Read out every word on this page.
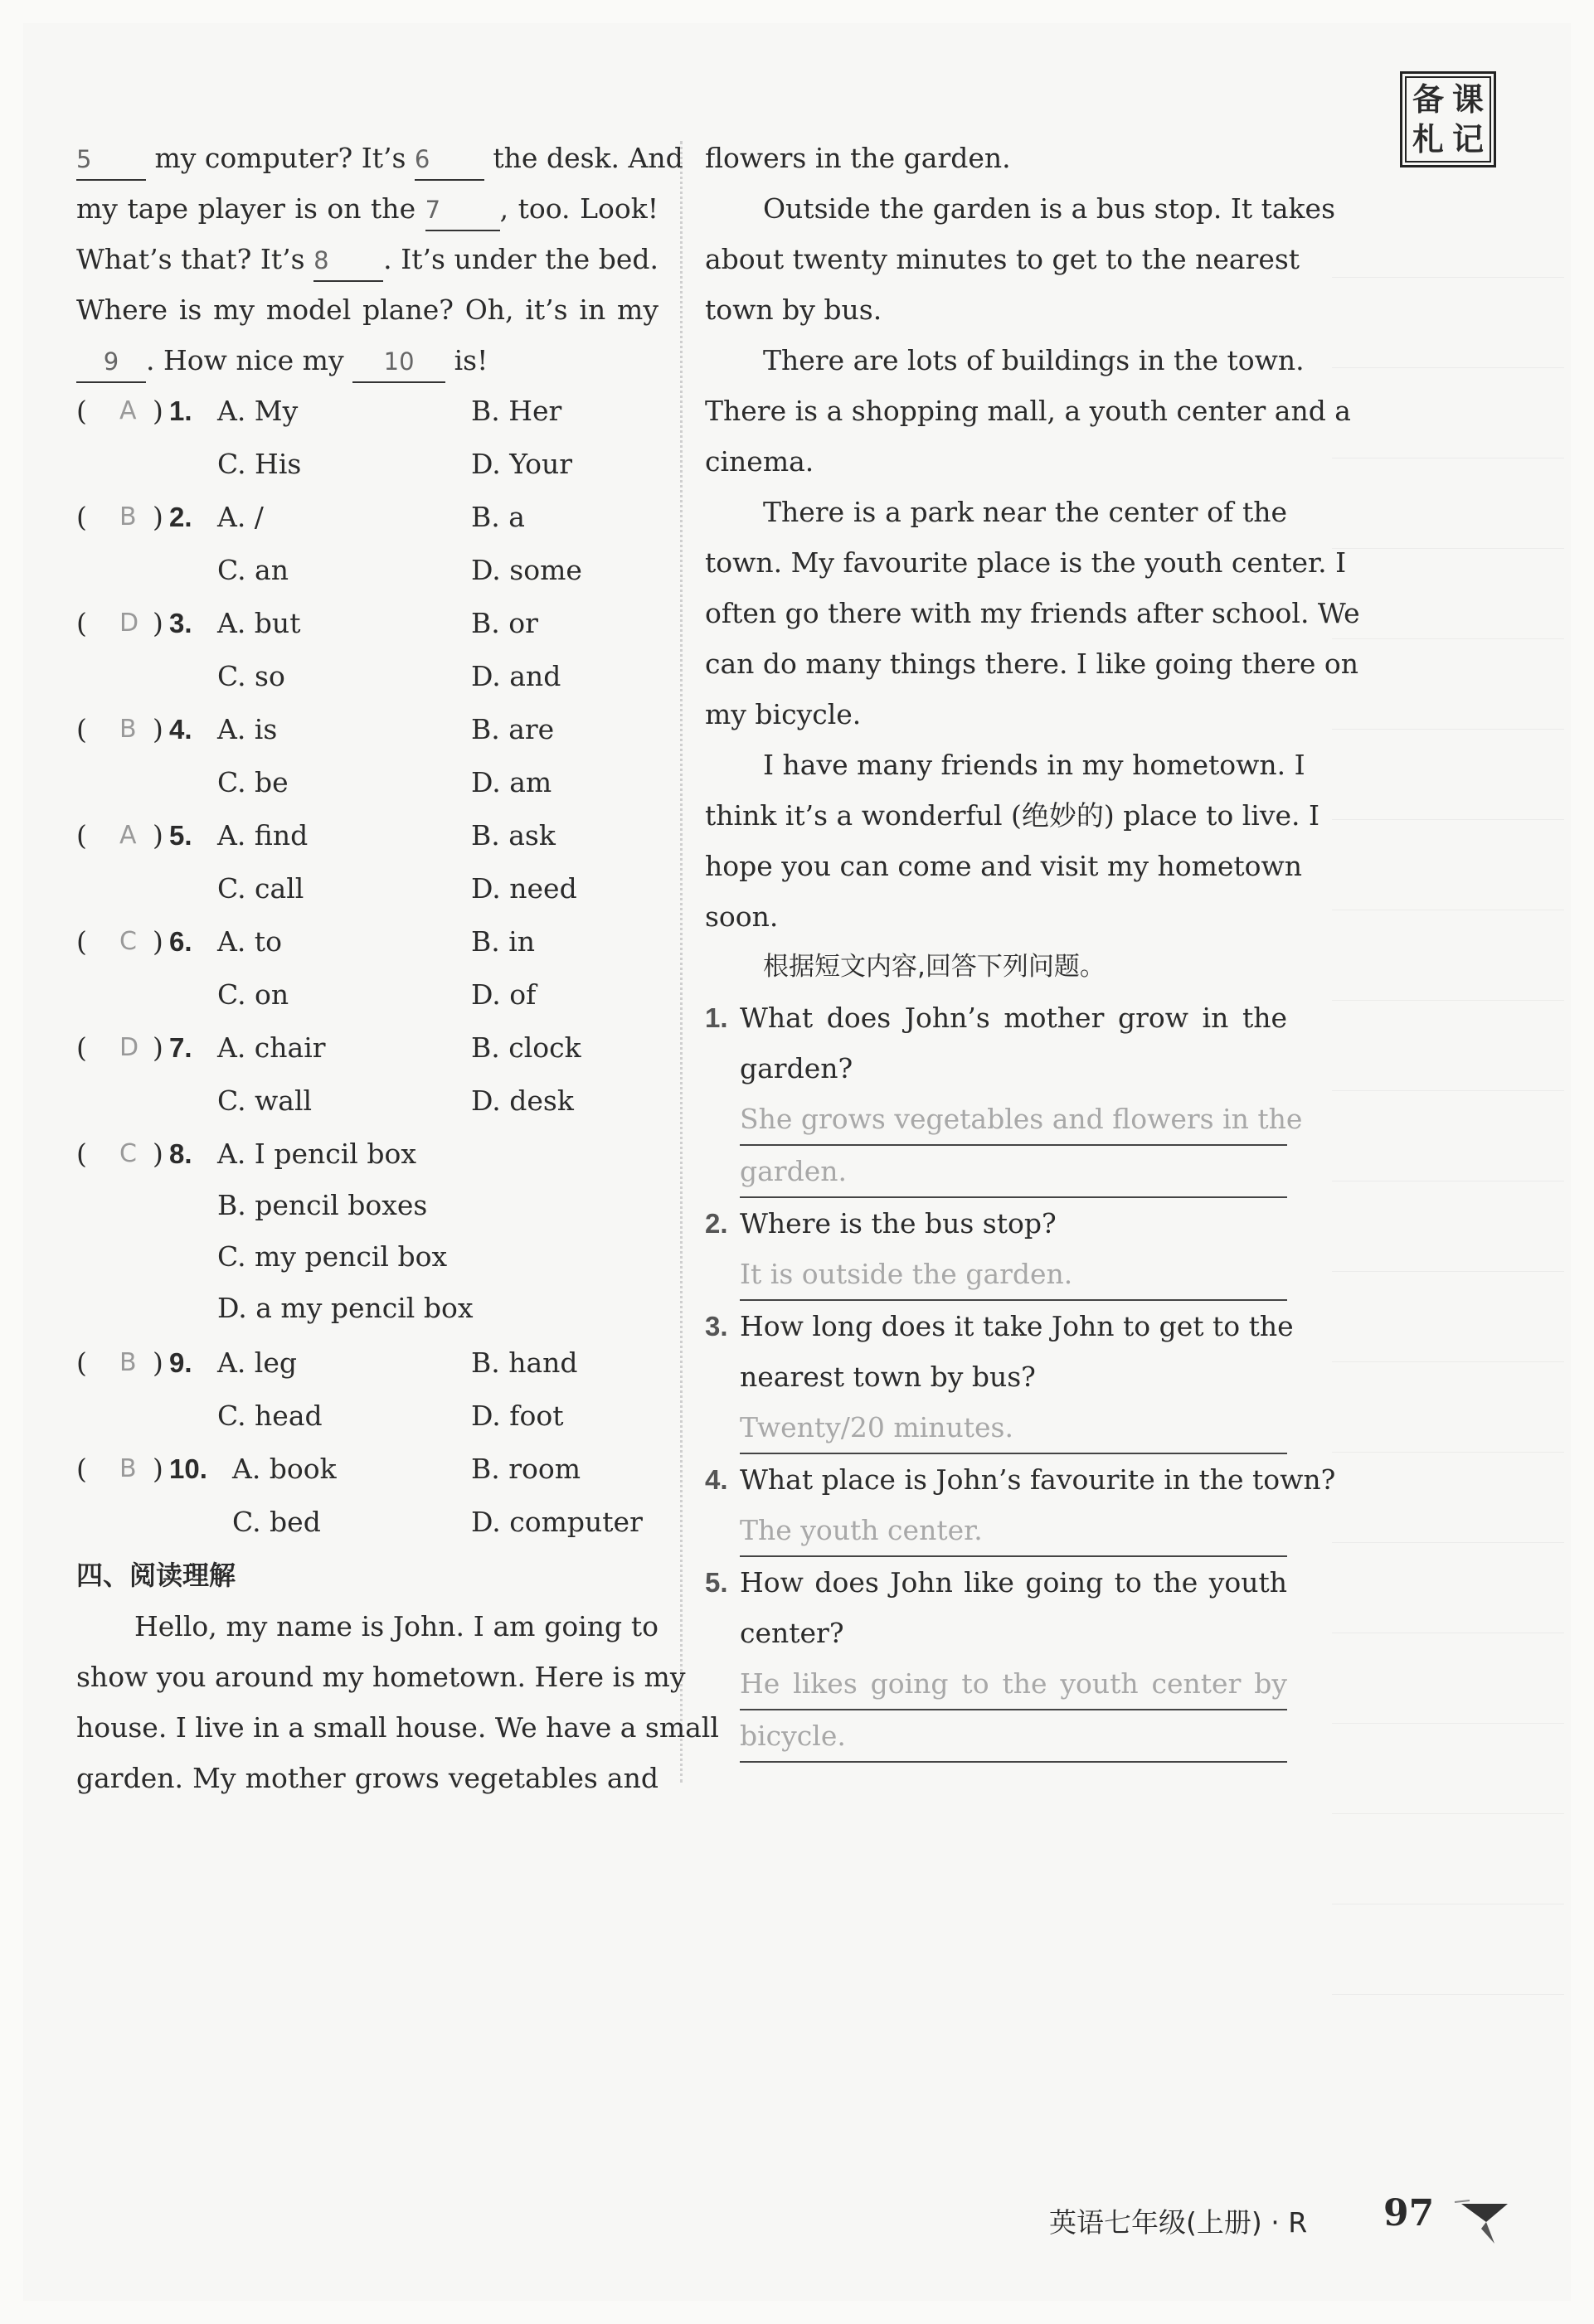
备 课
札 记
5 my computer? It’s 6 the desk. And
my tape player is on the 7 , too. Look!
What’s that? It’s 8 . It’s under the bed.
Where is my model plane? Oh, it’s in my
9 . How nice my 10 is!
( A ) 1. A. My	B. Her
C. His	D. Your
( B ) 2. A. /	B. a
C. an	D. some
( D ) 3. A. but	B. or
C. so	D. and
( B ) 4. A. is	B. are
C. be	D. am
( A ) 5. A. find	B. ask
C. call	D. need
( C ) 6. A. to	B. in
C. on	D. of
( D ) 7. A. chair	B. clock
C. wall	D. desk
( C ) 8. A. I pencil box
B. pencil boxes
C. my pencil box
D. a my pencil box
( B ) 9. A. leg	B. hand
C. head	D. foot
( B ) 10. A. book	B. room
C. bed	D. computer
四、阅读理解
Hello, my name is John. I am going to
show you around my hometown. Here is my
house. I live in a small house. We have a small
garden. My mother grows vegetables and
flowers in the garden.
Outside the garden is a bus stop. It takes
about twenty minutes to get to the nearest
town by bus.
There are lots of buildings in the town.
There is a shopping mall, a youth center and a
cinema.
There is a park near the center of the
town. My favourite place is the youth center. I
often go there with my friends after school. We
can do many things there. I like going there on
my bicycle.
I have many friends in my hometown. I
think it’s a wonderful (绝妙的) place to live. I
hope you can come and visit my hometown
soon.
根据短文内容,回答下列问题。
1. What does John’s mother grow in the
garden?
She grows vegetables and flowers in the
garden.
2. Where is the bus stop?
It is outside the garden.
3. How long does it take John to get to the
nearest town by bus?
Twenty/20 minutes.
4. What place is John’s favourite in the town?
The youth center.
5. How does John like going to the youth
center?
He likes going to the youth center by
bicycle.
英语七年级(上册) · R 97
